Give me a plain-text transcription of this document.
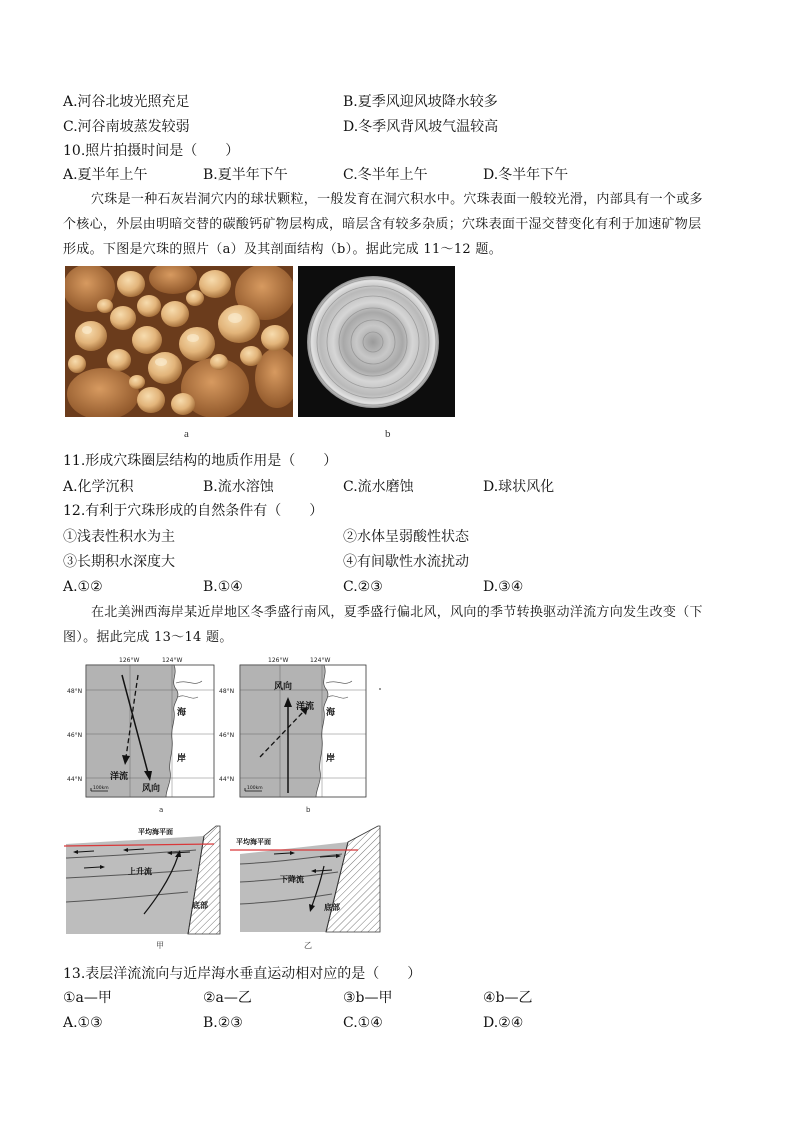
A.河谷北坡光照充足	B.夏季风迎风坡降水较多
C.河谷南坡蒸发较弱	D.冬季风背风坡气温较高
10.照片拍摄时间是（　　）
A.夏半年上午	B.夏半年下午	C.冬半年上午	D.冬半年下午
穴珠是一种石灰岩洞穴内的球状颗粒，一般发育在洞穴积水中。穴珠表面一般较光滑，内部具有一个或多
个核心，外层由明暗交替的碳酸钙矿物层构成，暗层含有较多杂质；穴珠表面干湿交替变化有利于加速矿物层
形成。下图是穴珠的照片（a）及其剖面结构（b）。据此完成 11～12 题。
a	b
11.形成穴珠圈层结构的地质作用是（　　）
A.化学沉积	B.流水溶蚀	C.流水磨蚀	D.球状风化
12.有利于穴珠形成的自然条件有（　　）
①浅表性积水为主	②水体呈弱酸性状态
③长期积水深度大	④有间歇性水流扰动
A.①②	B.①④	C.②③	D.③④
在北美洲西海岸某近岸地区冬季盛行南风，夏季盛行偏北风，风向的季节转换驱动洋流方向发生改变（下
图）。据此完成 13～14 题。
126°W	124°W
48°N
46°N
44°N	洋流
风向
海
岸
100km
a
126°W	124°W
48°N
46°N
44°N
风向
洋流
海
岸
100km
b
平均海平面
上升流
底部
甲
平均海平面
下降流
底部
乙
13.表层洋流流向与近岸海水垂直运动相对应的是（　　）
①a—甲	②a—乙	③b—甲	④b—乙
A.①③	B.②③	C.①④	D.②④
